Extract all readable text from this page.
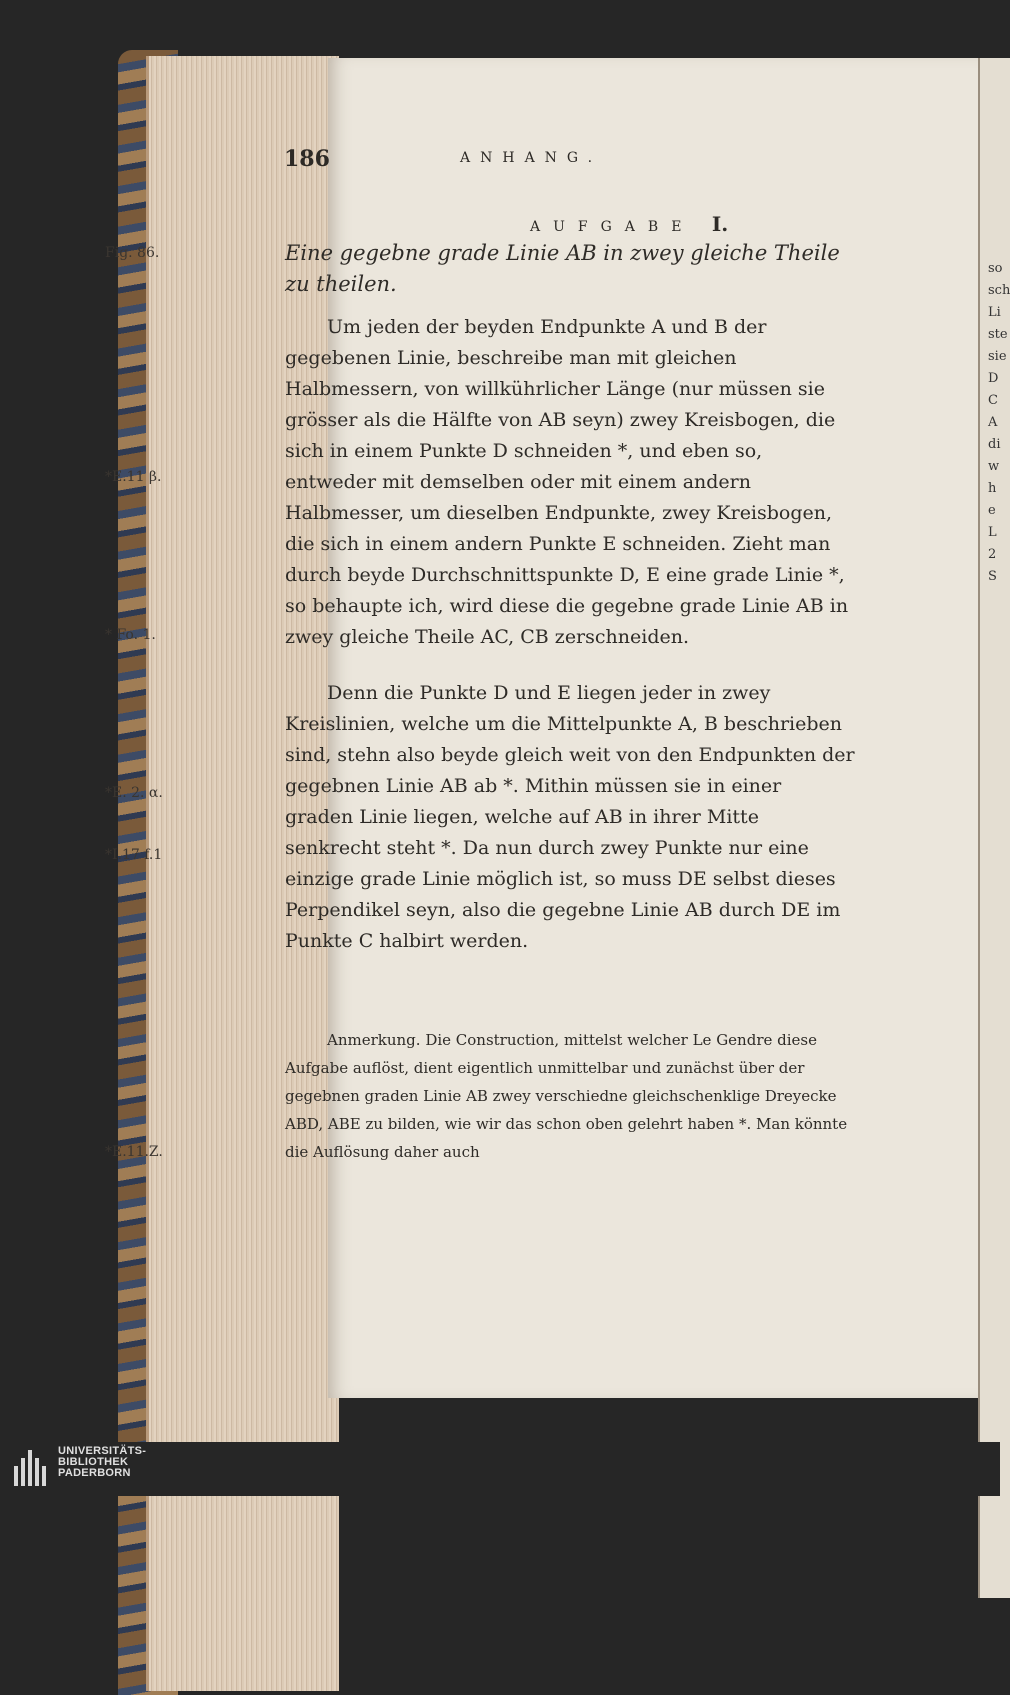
so
sch
Li
ste
sie
D
C
A
di
w
h
e
L
2
S
186	ANHANG.
AUFGABE I.
Fig. 86.	Eine gegebne grade Linie AB in zwey gleiche Theile zu theilen.
*E.11 β.
* Fo. 1.
Um jeden der beyden Endpunkte A und B der gegebenen Linie, beschreibe man mit gleichen Halbmessern, von willkührlicher Länge (nur müssen sie grösser als die Hälfte von AB seyn) zwey Kreisbogen, die sich in einem Punkte D schneiden *, und eben so, entweder mit demselben oder mit einem andern Halbmesser, um dieselben Endpunkte, zwey Kreisbogen, die sich in einem andern Punkte E schneiden. Zieht man durch beyde Durchschnittspunkte D, E eine grade Linie *, so behaupte ich, wird diese die gegebne grade Linie AB in zwey gleiche Theile AC, CB zerschneiden.
*E. 2. α.
*I.17 f.1
Denn die Punkte D und E liegen jeder in zwey Kreislinien, welche um die Mittelpunkte A, B beschrieben sind, stehn also beyde gleich weit von den Endpunkten der gegebnen Linie AB ab *. Mithin müssen sie in einer graden Linie liegen, welche auf AB in ihrer Mitte senkrecht steht *. Da nun durch zwey Punkte nur eine einzige grade Linie möglich ist, so muss DE selbst dieses Perpendikel seyn, also die gegebne Linie AB durch DE im Punkte C halbirt werden.
*E.11.Z.
Anmerkung. Die Construction, mittelst welcher Le Gendre diese Aufgabe auflöst, dient eigentlich unmittelbar und zunächst über der gegebnen graden Linie AB zwey verschiedne gleichschenklige Dreyecke ABD, ABE zu bilden, wie wir das schon oben gelehrt haben *. Man könnte die Auflösung daher auch
UNIVERSITÄTS-
BIBLIOTHEK
PADERBORN
